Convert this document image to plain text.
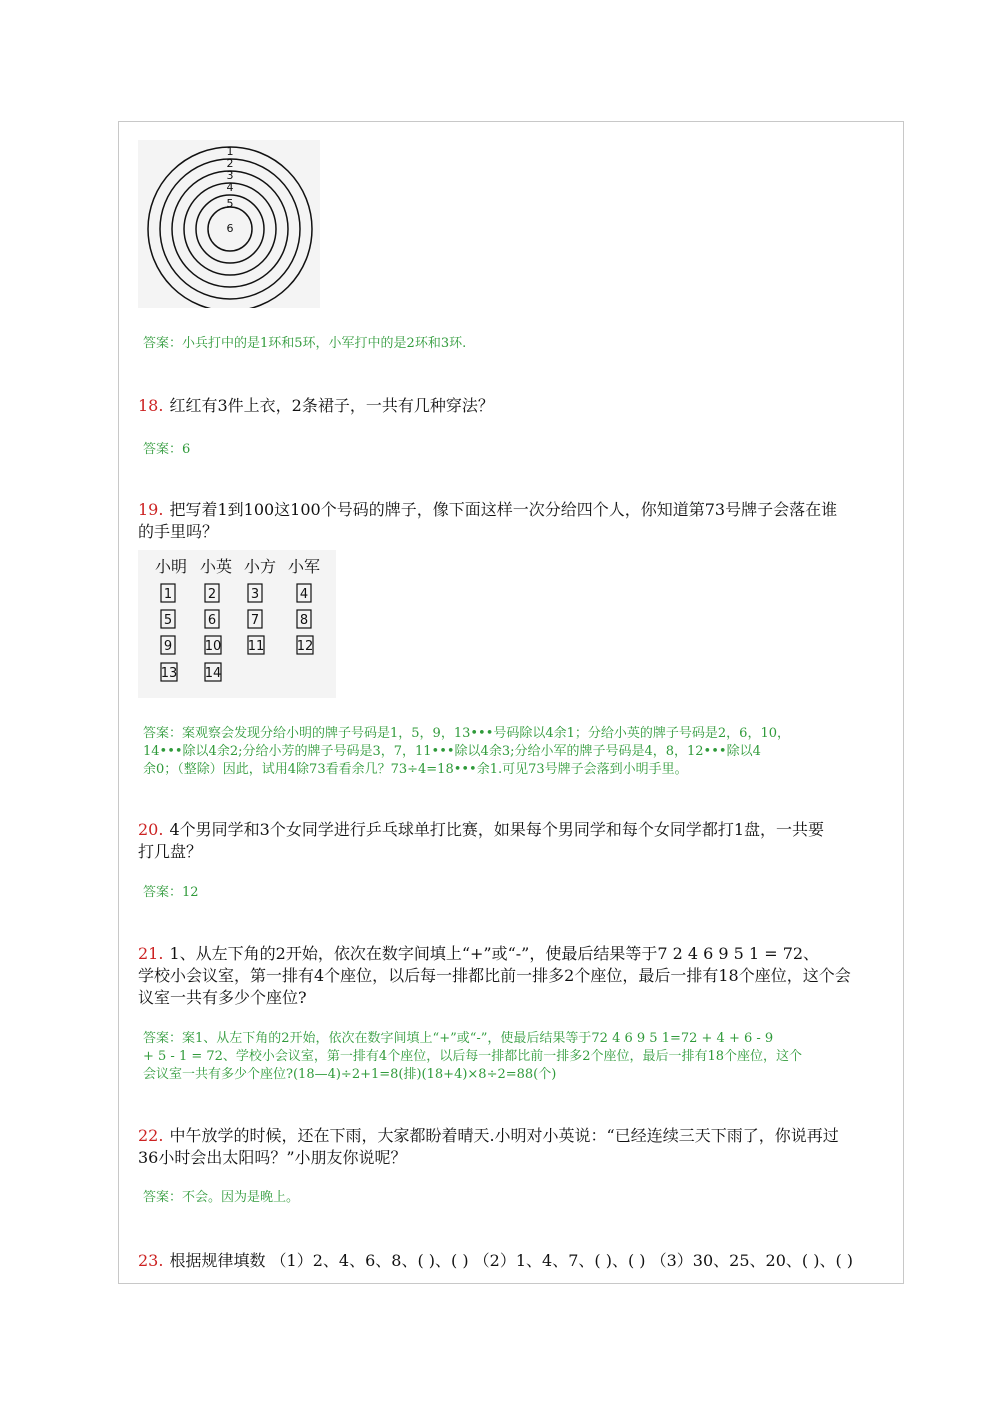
1
2
3
4
5
6
答案：小兵打中的是1环和5环，小军打中的是2环和3环.
18. 红红有3件上衣，2条裙子，一共有几种穿法？
答案：6
19. 把写着1到100这100个号码的牌子，像下面这样一次分给四个人，你知道第73号牌子会落在谁
的手里吗？
小明 小英 小方 小军
1	2	3	4
5	6	7	8
9	10 11 12
13 14
答案：案观察会发现分给小明的牌子号码是1，5，9，13•••号码除以4余1；分给小英的牌子号码是2，6，10，
14•••除以4余2;分给小芳的牌子号码是3，7，11•••除以4余3;分给小军的牌子号码是4，8，12•••除以4
余0；（整除）因此，试用4除73看看余几？73÷4=18•••余1.可见73号牌子会落到小明手里。
20. 4个男同学和3个女同学进行乒乓球单打比赛，如果每个男同学和每个女同学都打1盘，一共要
打几盘？
答案：12
21. 1、从左下角的2开始，依次在数字间填上“+”或“-”，使最后结果等于7 2 4 6 9 5 1 = 72、
学校小会议室，第一排有4个座位，以后每一排都比前一排多2个座位，最后一排有18个座位，这个会
议室一共有多少个座位?
答案：案1、从左下角的2开始，依次在数字间填上“+”或“-”，使最后结果等于72 4 6 9 5 1=72 + 4 + 6 - 9
+ 5 - 1 = 72、学校小会议室，第一排有4个座位，以后每一排都比前一排多2个座位，最后一排有18个座位，这个
会议室一共有多少个座位?(18—4)÷2+1=8(排)(18+4)×8÷2=88(个)
22. 中午放学的时候，还在下雨，大家都盼着晴天.小明对小英说：“已经连续三天下雨了，你说再过
36小时会出太阳吗？”小朋友你说呢？
答案：不会。因为是晚上。
23. 根据规律填数 （1）2、4、6、8、( )、( ) （2）1、4、7、( )、( ) （3）30、25、20、( )、( )
